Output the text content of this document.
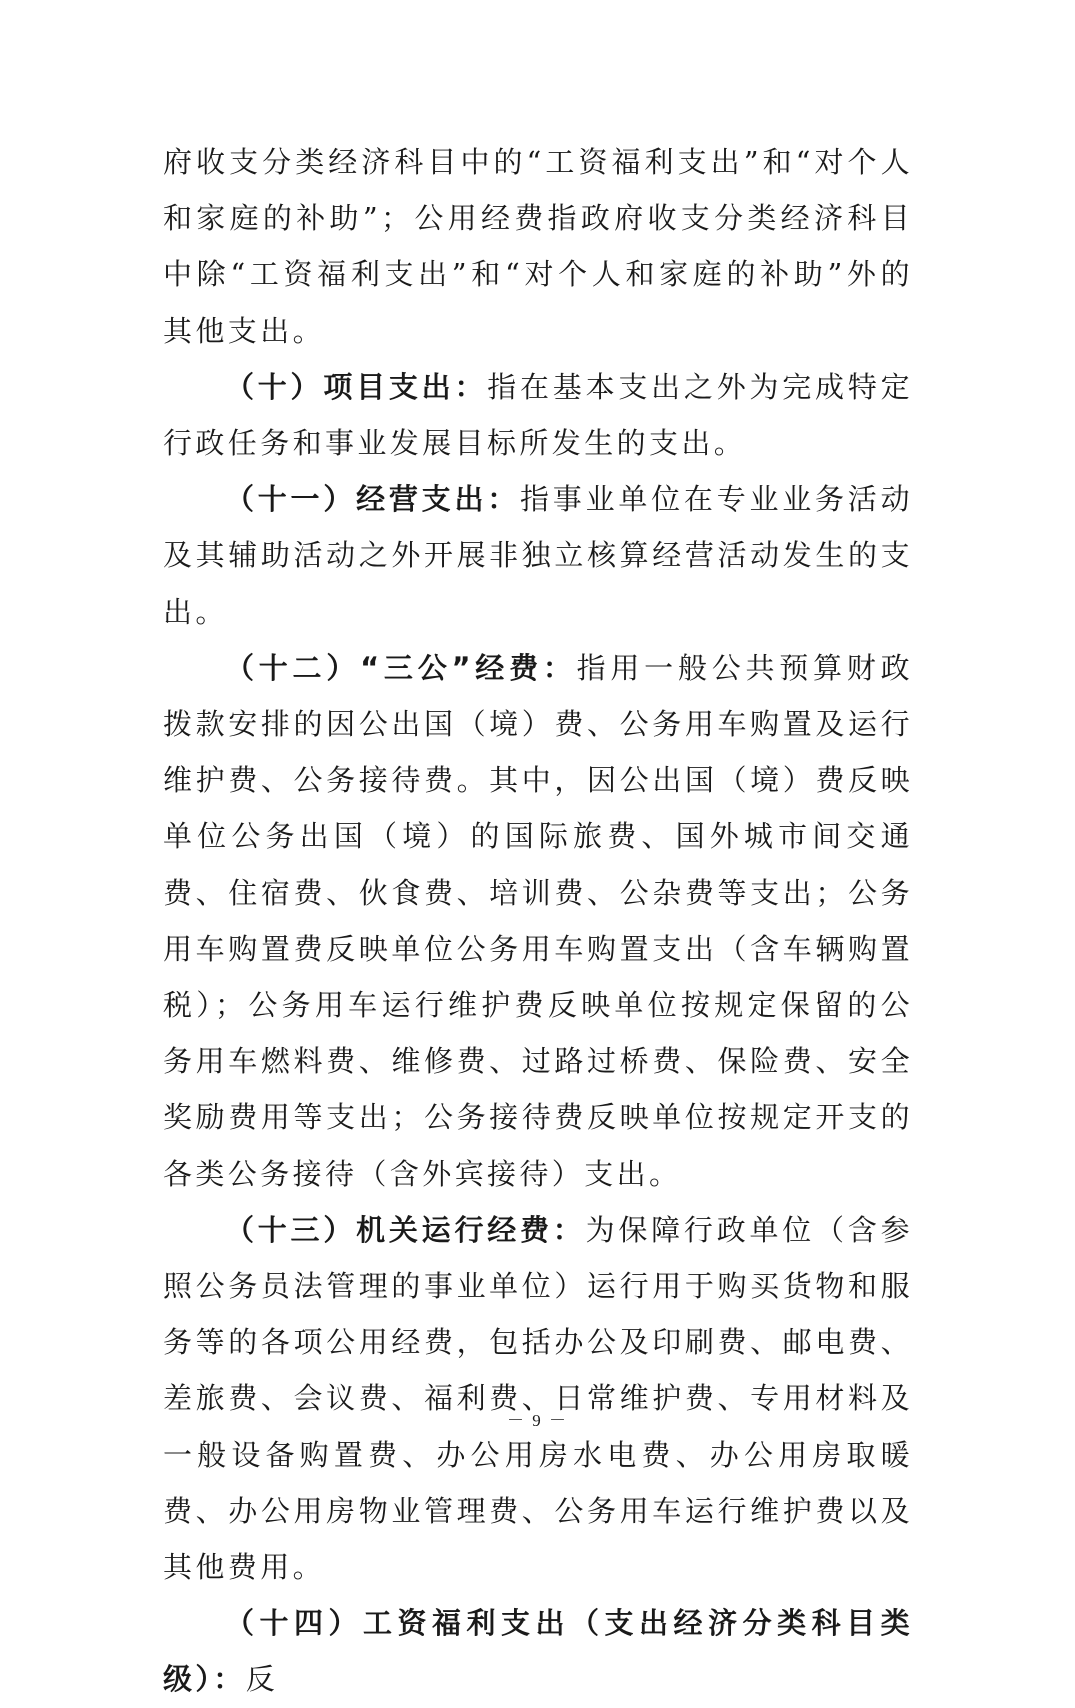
府收支分类经济科目中的“工资福利支出”和“对个人和家庭的补助”；公用经费指政府收支分类经济科目中除“工资福利支出”和“对个人和家庭的补助”外的其他支出。

（十）项目支出：指在基本支出之外为完成特定行政任务和事业发展目标所发生的支出。

（十一）经营支出：指事业单位在专业业务活动及其辅助活动之外开展非独立核算经营活动发生的支出。

（十二）“三公”经费：指用一般公共预算财政拨款安排的因公出国（境）费、公务用车购置及运行维护费、公务接待费。其中，因公出国（境）费反映单位公务出国（境）的国际旅费、国外城市间交通费、住宿费、伙食费、培训费、公杂费等支出；公务用车购置费反映单位公务用车购置支出（含车辆购置税）；公务用车运行维护费反映单位按规定保留的公务用车燃料费、维修费、过路过桥费、保险费、安全奖励费用等支出；公务接待费反映单位按规定开支的各类公务接待（含外宾接待）支出。

（十三）机关运行经费：为保障行政单位（含参照公务员法管理的事业单位）运行用于购买货物和服务等的各项公用经费，包括办公及印刷费、邮电费、差旅费、会议费、福利费、日常维护费、专用材料及一般设备购置费、办公用房水电费、办公用房取暖费、办公用房物业管理费、公务用车运行维护费以及其他费用。

（十四）工资福利支出（支出经济分类科目类级）：反

－ 9 －
